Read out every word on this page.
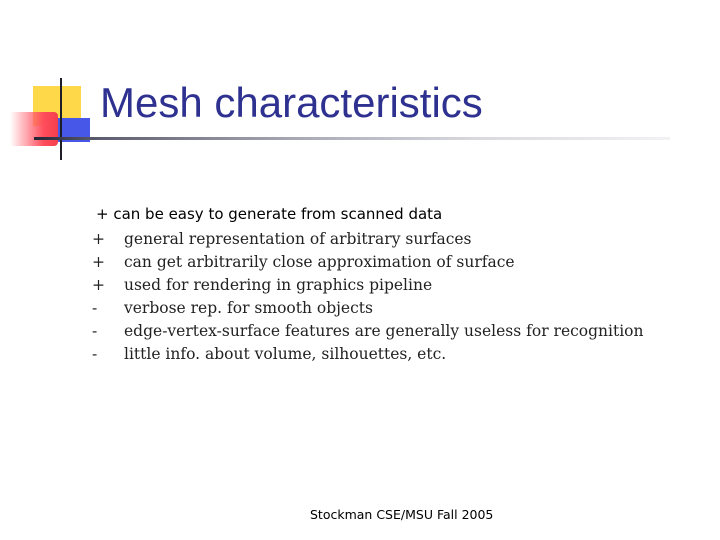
Mesh characteristics
+ can be easy to generate from scanned data
+ general representation of arbitrary surfaces
+ can get arbitrarily close approximation of surface
+ used for rendering in graphics pipeline
- verbose rep. for smooth objects
- edge-vertex-surface features are generally useless for recognition
- little info. about volume, silhouettes, etc.
Stockman CSE/MSU Fall 2005
